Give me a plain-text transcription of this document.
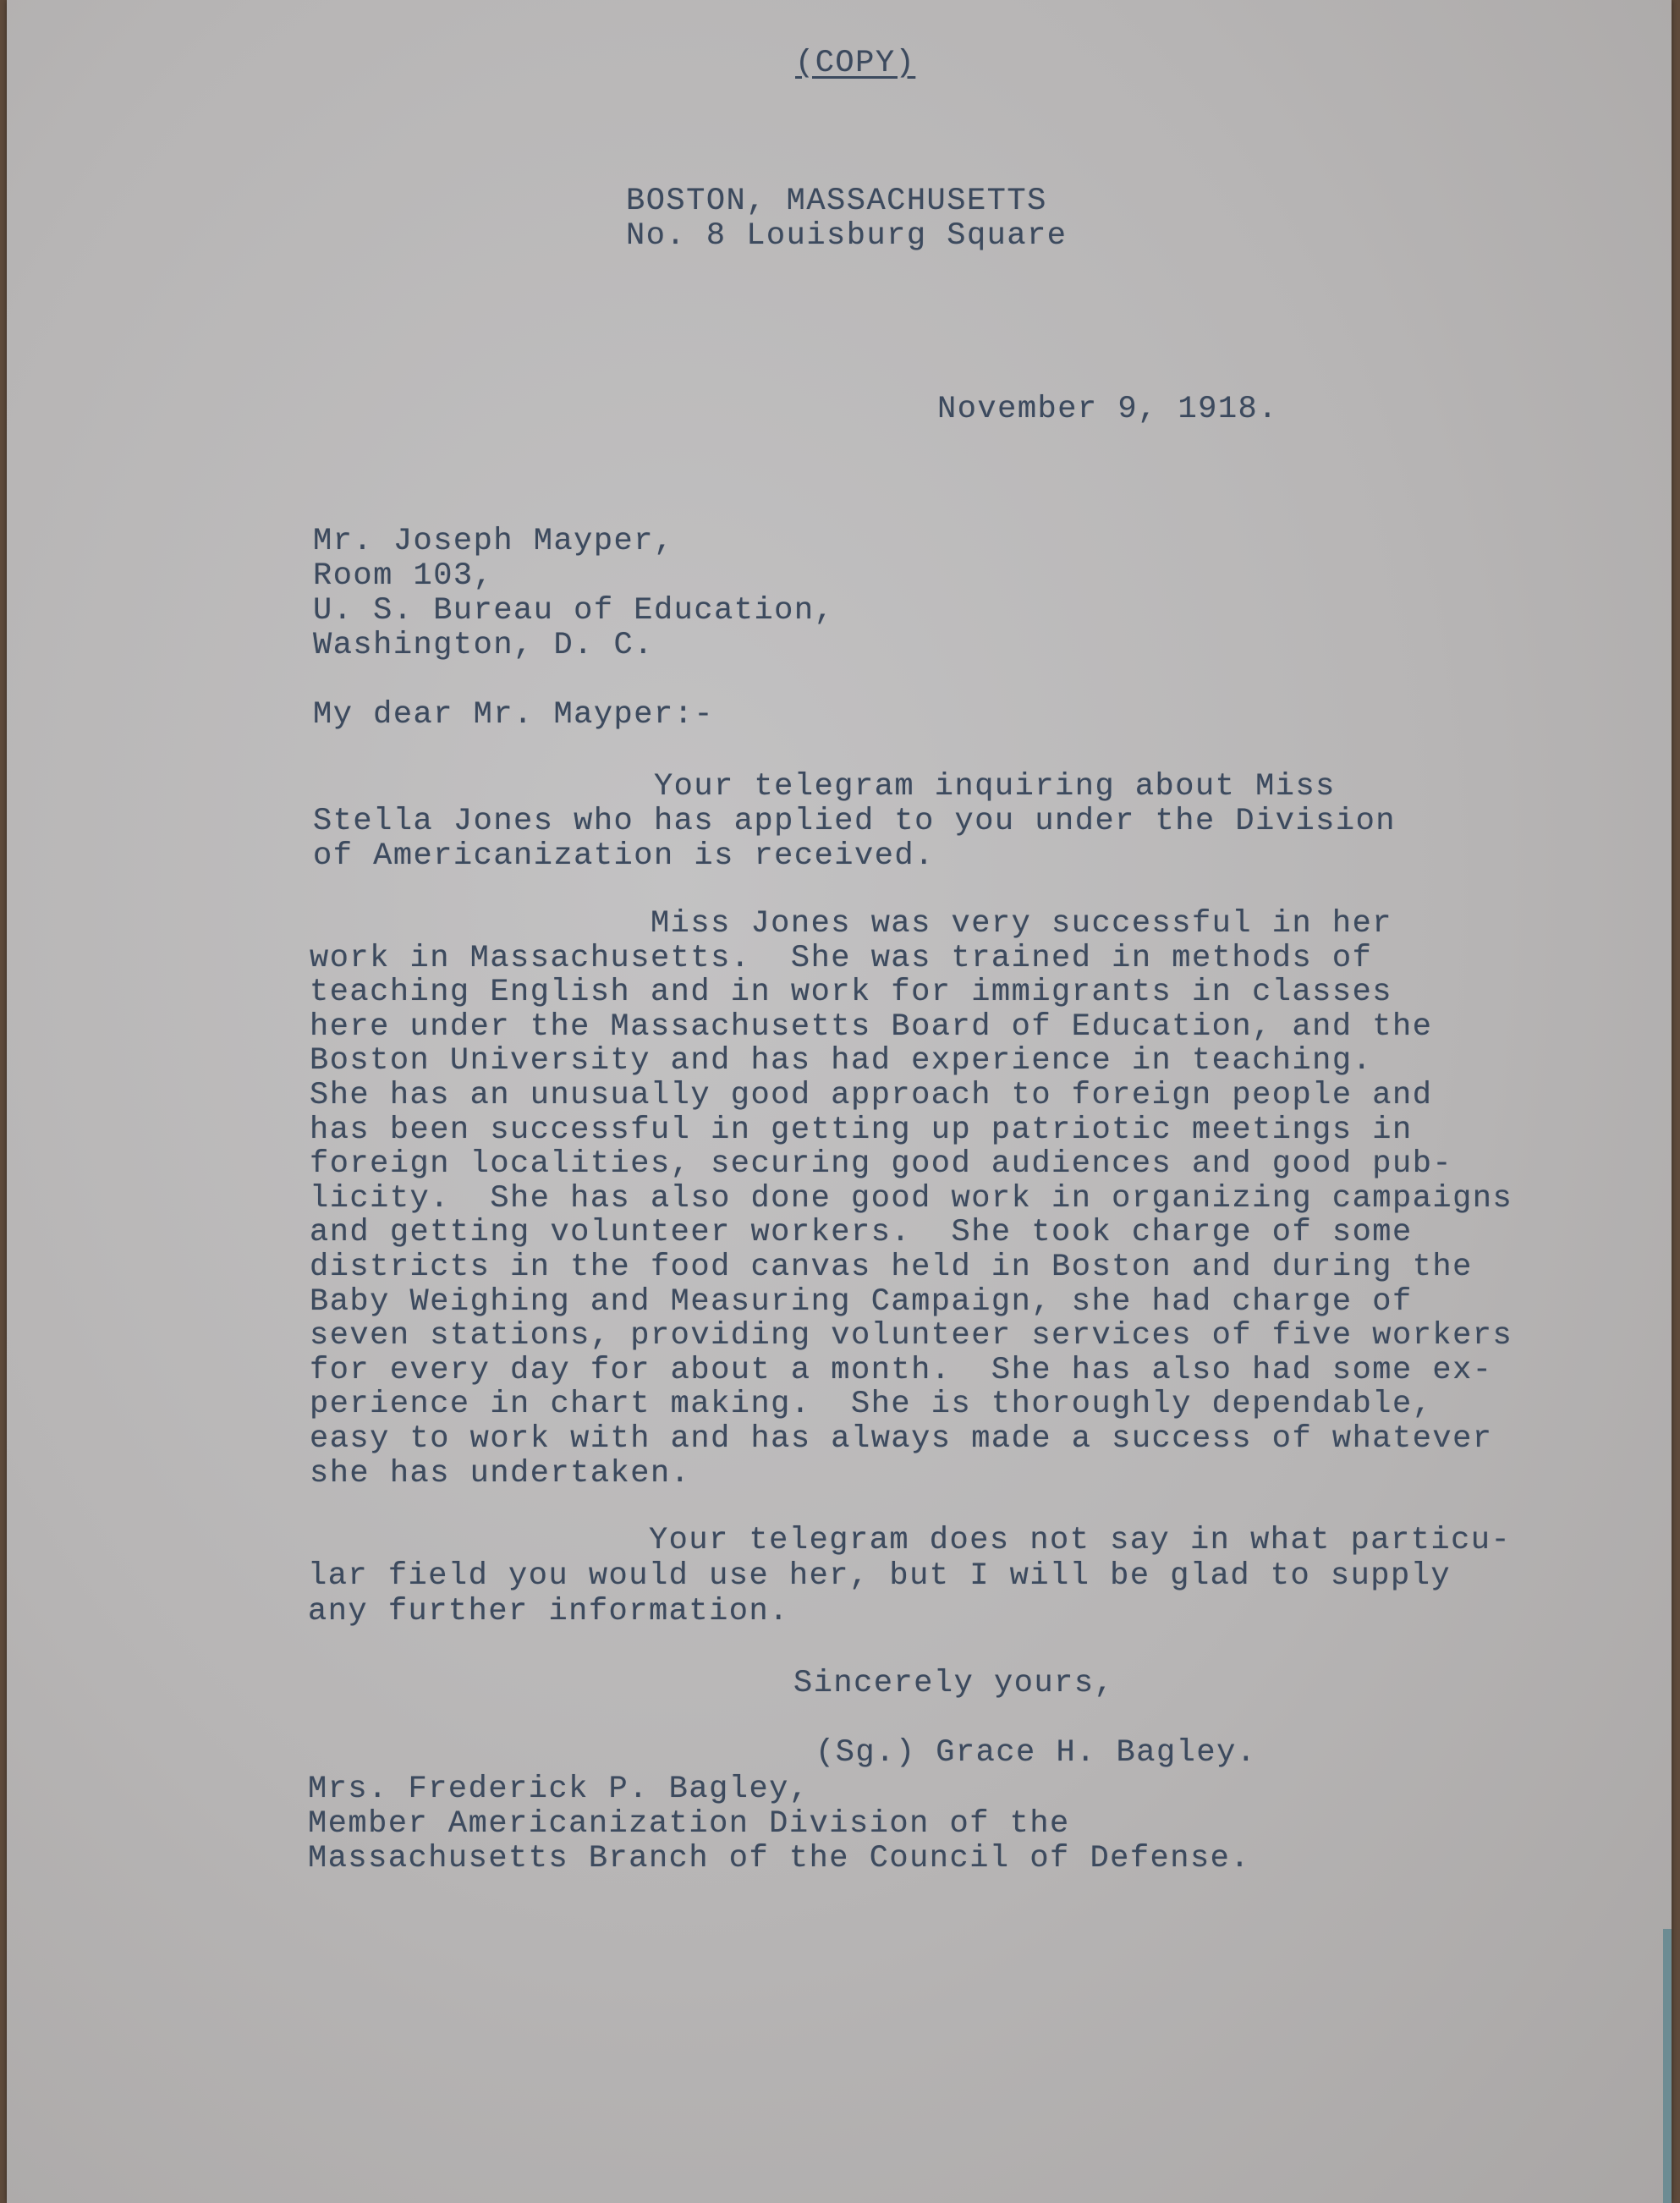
(COPY)
BOSTON, MASSACHUSETTS
No. 8 Louisburg Square
November 9, 1918.
Mr. Joseph Mayper,
Room 103,
U. S. Bureau of Education,
Washington, D. C.
My dear Mr. Mayper:-
Your telegram inquiring about Miss
Stella Jones who has applied to you under the Division
of Americanization is received.
Miss Jones was very successful in her
work in Massachusetts.  She was trained in methods of
teaching English and in work for immigrants in classes
here under the Massachusetts Board of Education, and the
Boston University and has had experience in teaching.
She has an unusually good approach to foreign people and
has been successful in getting up patriotic meetings in
foreign localities, securing good audiences and good pub-
licity.  She has also done good work in organizing campaigns
and getting volunteer workers.  She took charge of some
districts in the food canvas held in Boston and during the
Baby Weighing and Measuring Campaign, she had charge of
seven stations, providing volunteer services of five workers
for every day for about a month.  She has also had some ex-
perience in chart making.  She is thoroughly dependable,
easy to work with and has always made a success of whatever
she has undertaken.
Your telegram does not say in what particu-
lar field you would use her, but I will be glad to supply
any further information.
Sincerely yours,
(Sg.) Grace H. Bagley.
Mrs. Frederick P. Bagley,
Member Americanization Division of the
Massachusetts Branch of the Council of Defense.
